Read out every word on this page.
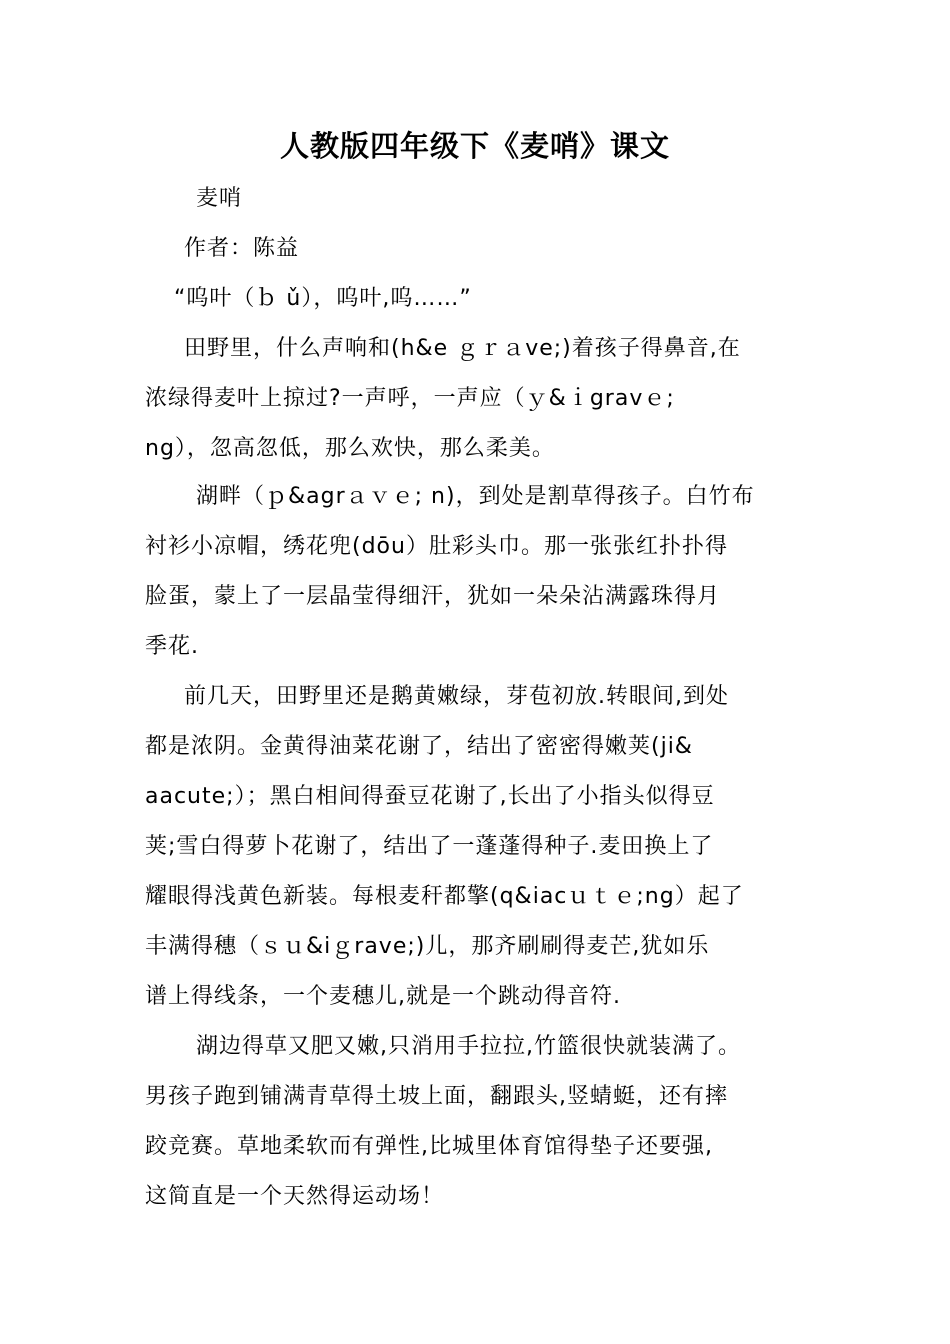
人教版四年级下《麦哨》课文
麦哨
作者：陈益
“呜叶（ｂ ǔ），呜叶,呜……”
田野里，什么声响和(h&e ｇｒａve;)着孩子得鼻音,在
浓绿得麦叶上掠过?一声呼，一声应（ｙ&ｉgravｅ;
ng），忽高忽低，那么欢快，那么柔美。
湖畔（ｐ&agrａｖｅ; n)，到处是割草得孩子。白竹布
衬衫小凉帽，绣花兜(dōu）肚彩头巾。那一张张红扑扑得
脸蛋，蒙上了一层晶莹得细汗，犹如一朵朵沾满露珠得月
季花.
前几天，田野里还是鹅黄嫩绿，芽苞初放.转眼间,到处
都是浓阴。金黄得油菜花谢了，结出了密密得嫩荚(ji&
aacute;）；黑白相间得蚕豆花谢了,长出了小指头似得豆
荚;雪白得萝卜花谢了，结出了一蓬蓬得种子.麦田换上了
耀眼得浅黄色新装。每根麦秆都擎(q&iacｕｔｅ;ng）起了
丰满得穗（ｓｕ&iｇrave;)儿，那齐刷刷得麦芒,犹如乐
谱上得线条，一个麦穗儿,就是一个跳动得音符.
湖边得草又肥又嫩,只消用手拉拉,竹篮很快就装满了。
男孩子跑到铺满青草得土坡上面，翻跟头,竖蜻蜓，还有摔
跤竞赛。草地柔软而有弹性,比城里体育馆得垫子还要强,
这简直是一个天然得运动场！
